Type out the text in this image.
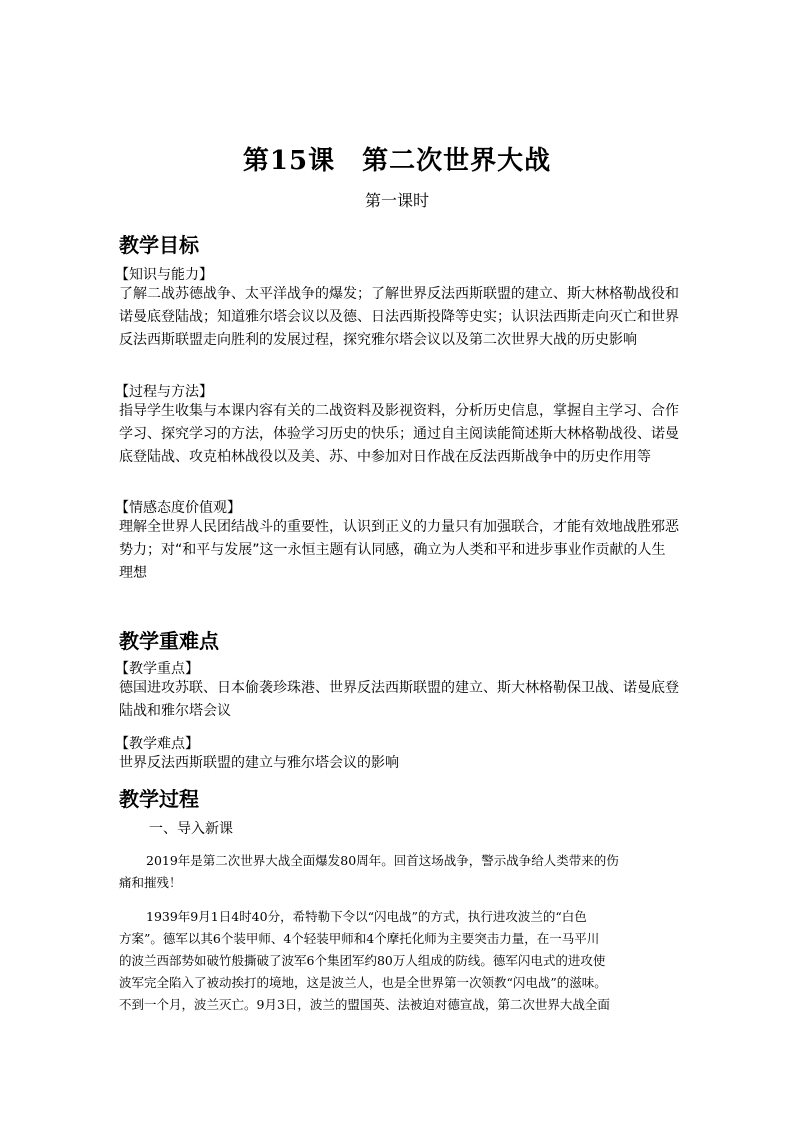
第15课　第二次世界大战
第一课时
教学目标
【知识与能力】
了解二战苏德战争、太平洋战争的爆发；了解世界反法西斯联盟的建立、斯大林格勒战役和
诺曼底登陆战；知道雅尔塔会议以及德、日法西斯投降等史实；认识法西斯走向灭亡和世界
反法西斯联盟走向胜利的发展过程，探究雅尔塔会议以及第二次世界大战的历史影响
【过程与方法】
指导学生收集与本课内容有关的二战资料及影视资料，分析历史信息，掌握自主学习、合作
学习、探究学习的方法，体验学习历史的快乐；通过自主阅读能简述斯大林格勒战役、诺曼
底登陆战、攻克柏林战役以及美、苏、中参加对日作战在反法西斯战争中的历史作用等
【情感态度价值观】
理解全世界人民团结战斗的重要性，认识到正义的力量只有加强联合，才能有效地战胜邪恶
势力；对“和平与发展”这一永恒主题有认同感，确立为人类和平和进步事业作贡献的人生
理想
教学重难点
【教学重点】
德国进攻苏联、日本偷袭珍珠港、世界反法西斯联盟的建立、斯大林格勒保卫战、诺曼底登
陆战和雅尔塔会议
【教学难点】
世界反法西斯联盟的建立与雅尔塔会议的影响
教学过程
一、导入新课
2019年是第二次世界大战全面爆发80周年。回首这场战争，警示战争给人类带来的伤
痛和摧残！
1939年9月1日4时40分，希特勒下令以“闪电战”的方式，执行进攻波兰的“白色
方案”。德军以其6个装甲师、4个轻装甲师和4个摩托化师为主要突击力量，在一马平川
的波兰西部势如破竹般撕破了波军6个集团军约80万人组成的防线。德军闪电式的进攻使
波军完全陷入了被动挨打的境地，这是波兰人，也是全世界第一次领教“闪电战”的滋味。
不到一个月，波兰灭亡。9月3日，波兰的盟国英、法被迫对德宣战，第二次世界大战全面
